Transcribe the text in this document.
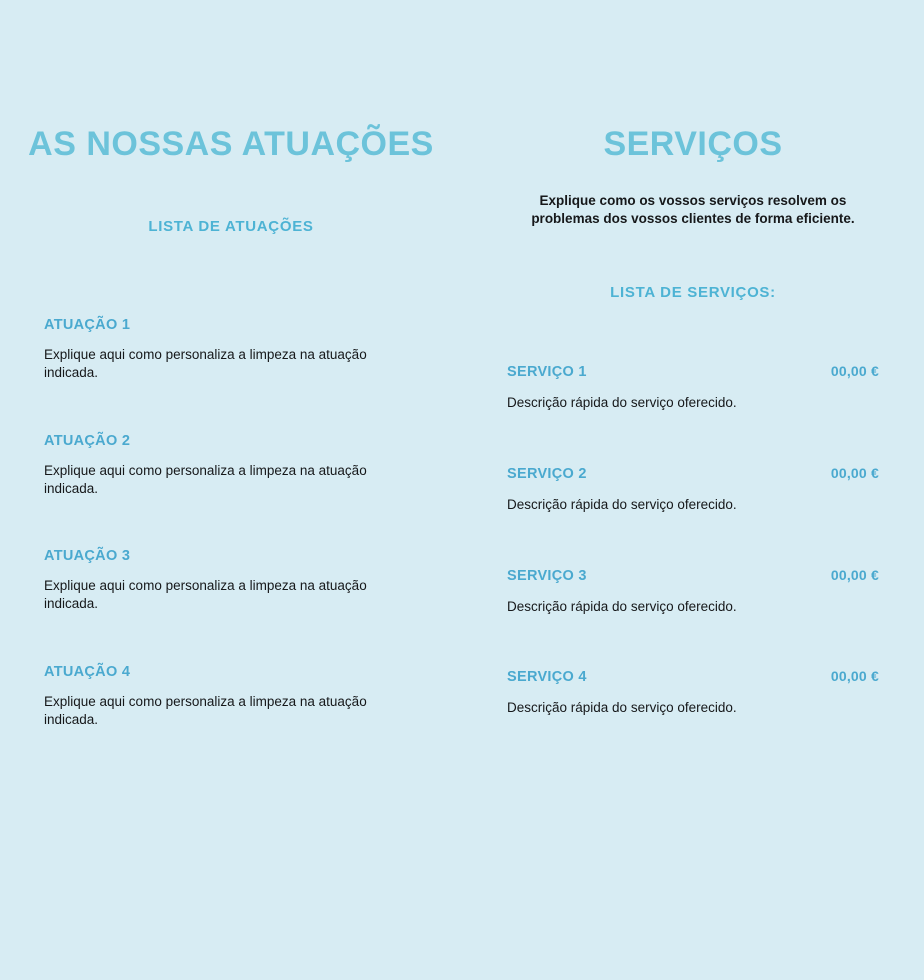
AS NOSSAS ATUAÇÕES
LISTA DE ATUAÇÕES
ATUAÇÃO 1

Explique aqui como personaliza a limpeza na atuação indicada.

ATUAÇÃO 2

Explique aqui como personaliza a limpeza na atuação indicada.

ATUAÇÃO 3

Explique aqui como personaliza a limpeza na atuação indicada.

ATUAÇÃO 4

Explique aqui como personaliza a limpeza na atuação indicada.

SERVIÇOS

Explique como os vossos serviços resolvem os problemas dos vossos clientes de forma eficiente.

LISTA DE SERVIÇOS:
SERVIÇO 1	00,00 €

Descrição rápida do serviço oferecido.

SERVIÇO 2	00,00 €

Descrição rápida do serviço oferecido.

SERVIÇO 3	00,00 €

Descrição rápida do serviço oferecido.

SERVIÇO 4	00,00 €

Descrição rápida do serviço oferecido.
